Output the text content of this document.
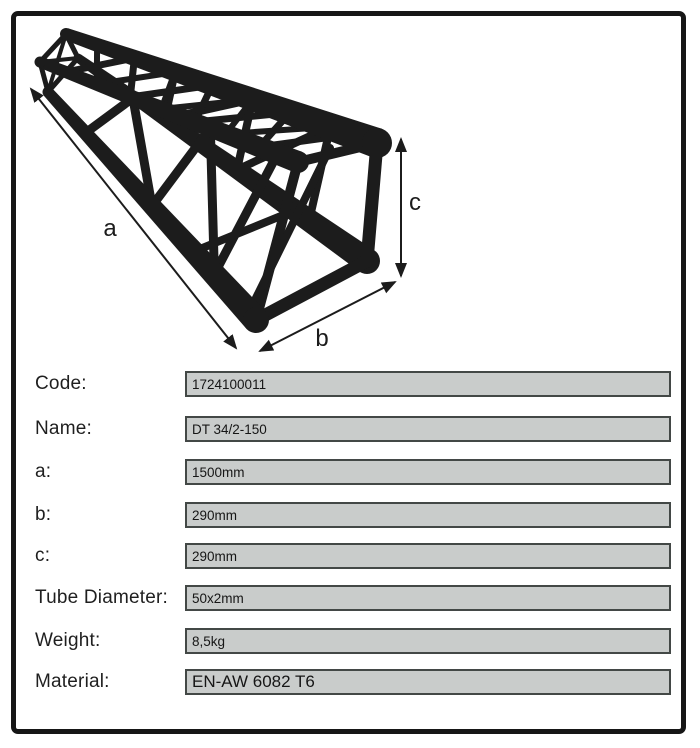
a
b
c
Code:	1724100011
Name:	DT 34/2-150
a:	1500mm
b:	290mm
c:	290mm
Tube Diameter: 50x2mm
Weight:	8,5kg
Material:	EN-AW 6082 T6
